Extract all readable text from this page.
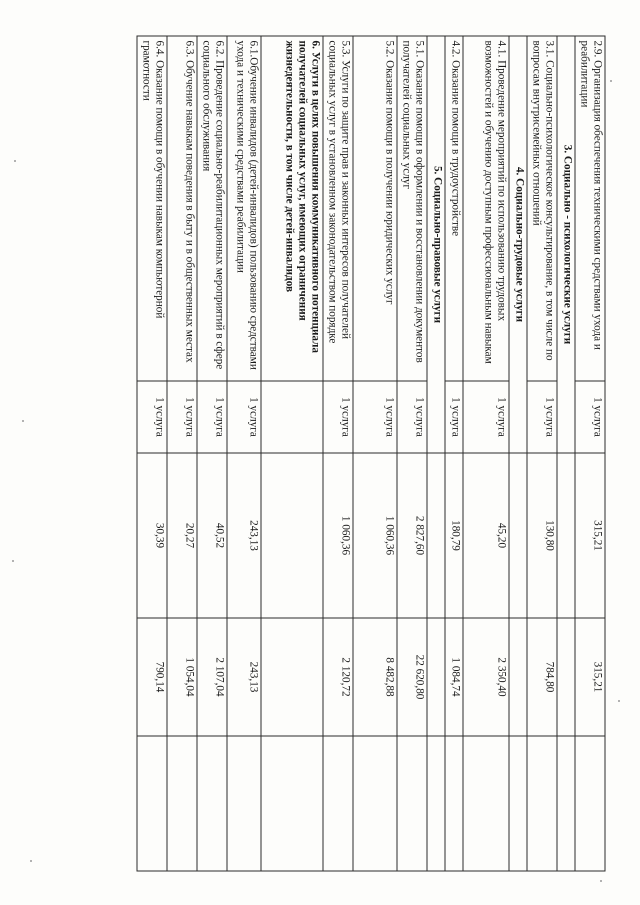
2.9. Организация обеспечения техническими средствами ухода и реабилитации	1 услуга	315,21	315,21	
3. Социально - психологические услуги				
3.1. Социально-психологическое консультирование, в том числе по вопросам внутрисемейных отношений	1 услуга	130,80	784,80	
4. Социально-трудовые услуги				
4.1. Проведение мероприятий по использованию трудовых возможностей и обучению доступным профессиональным навыкам	1 услуга	45,20	2 350,40	
4.2. Оказание помощи в трудоустройстве	1 услуга	180,79	1 084,74	
5. Социально-правовые услуги				
5.1. Оказание помощи в оформлении и восстановлении документов получателей социальных услуг	1 услуга	2 827,60	22 620,80	
5.2. Оказание помощи в получении юридических услуг	1 услуга	1 060,36	8 482,88	
5.3. Услуги по защите прав и законных интересов получателей социальных услуг в установленном законодательством порядке	1 услуга	1 060,36	2 120,72	
6. Услуги в целях повышения коммуникативного потенциала получателей социальных услуг, имеющих ограничения жизнедеятельности, в том числе детей-инвалидов				
6.1.Обучение инвалидов (детей-инвалидов) пользованию средствами ухода и техническими средствами реабилитации	1 услуга	243,13	243,13	
6.2. Проведение социально-реабилитационных мероприятий в сфере социального обслуживания	1 услуга	40,52	2 107,04	
6.3. Обучение навыкам поведения в быту и в общественных местах	1 услуга	20,27	1 054,04	
6.4. Оказание помощи в обучении навыкам компьютерной грамотности	1 услуга	30,39	790,14	
